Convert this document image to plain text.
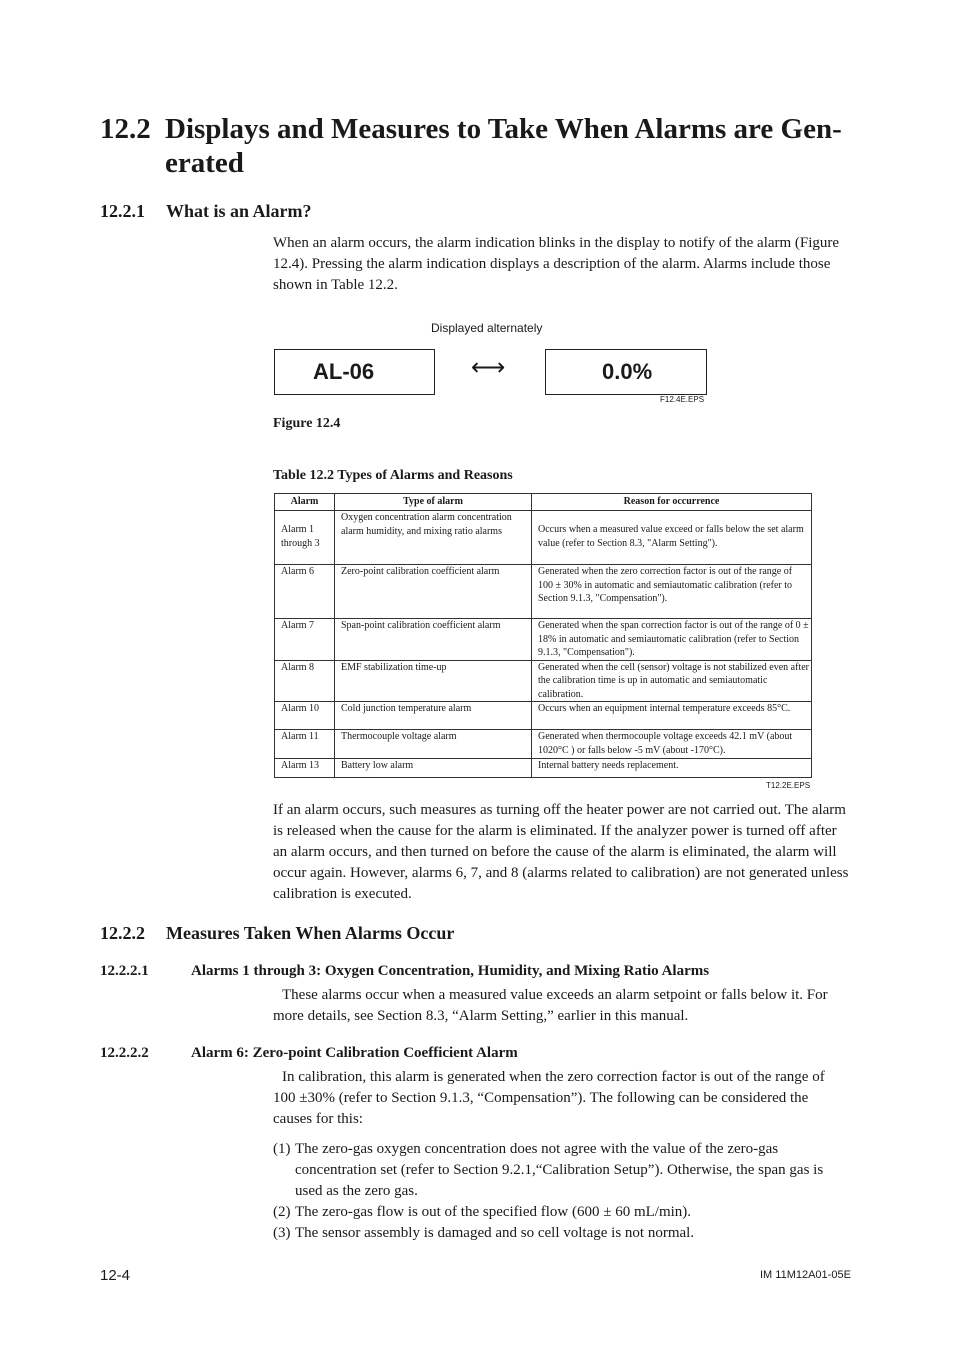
12.2 Displays and Measures to Take When Alarms are Gen-
erated
12.2.1 What is an Alarm?
When an alarm occurs, the alarm indication blinks in the display to notify of the alarm (Figure 12.4). Pressing the alarm indication displays a description of the alarm. Alarms include those shown in Table 12.2.
Displayed alternately
AL-06	⟷	0.0%
F12.4E.EPS
Figure 12.4
Table 12.2 Types of Alarms and Reasons
Alarm	Type of alarm	Reason for occurrence
Alarm 1 through 3	Oxygen concentration alarm concentration alarm humidity, and mixing ratio alarms	Occurs when a measured value exceed or falls below the set alarm value (refer to Section 8.3, "Alarm Setting").
Alarm 6	Zero-point calibration coefficient alarm	Generated when the zero correction factor is out of the range of 100 ± 30% in automatic and semiautomatic calibration (refer to Section 9.1.3, "Compensation").
Alarm 7	Span-point calibration coefficient alarm	Generated when the span correction factor is out of the range of 0 ± 18% in automatic and semiautomatic calibration (refer to Section 9.1.3, "Compensation").
Alarm 8	EMF stabilization time-up	Generated when the cell (sensor) voltage is not stabilized even after the calibration time is up in automatic and semiautomatic calibration.
Alarm 10	Cold junction temperature alarm	Occurs when an equipment internal temperature exceeds 85°C.
Alarm 11	Thermocouple voltage alarm	Generated when thermocouple voltage exceeds 42.1 mV (about 1020°C ) or falls below -5 mV (about -170°C).
Alarm 13	Battery low alarm	Internal battery needs replacement.
T12.2E.EPS
If an alarm occurs, such measures as turning off the heater power are not carried out. The alarm is released when the cause for the alarm is eliminated. If the analyzer power is turned off after an alarm occurs, and then turned on before the cause of the alarm is eliminated, the alarm will occur again. However, alarms 6, 7, and 8 (alarms related to calibration) are not generated unless calibration is executed.
12.2.2 Measures Taken When Alarms Occur
12.2.2.1	Alarms 1 through 3: Oxygen Concentration, Humidity, and Mixing Ratio Alarms
These alarms occur when a measured value exceeds an alarm setpoint or falls below it. For more details, see Section 8.3, “Alarm Setting,” earlier in this manual.
12.2.2.2	Alarm 6: Zero-point Calibration Coefficient Alarm
In calibration, this alarm is generated when the zero correction factor is out of the range of 100 ±30% (refer to Section 9.1.3, “Compensation”). The following can be considered the causes for this:
(1) The zero-gas oxygen concentration does not agree with the value of the zero-gas concentration set (refer to Section 9.2.1,“Calibration Setup”). Otherwise, the span gas is used as the zero gas.
(2) The zero-gas flow is out of the specified flow (600 ± 60 mL/min).
(3) The sensor assembly is damaged and so cell voltage is not normal.
12-4	IM 11M12A01-05E
